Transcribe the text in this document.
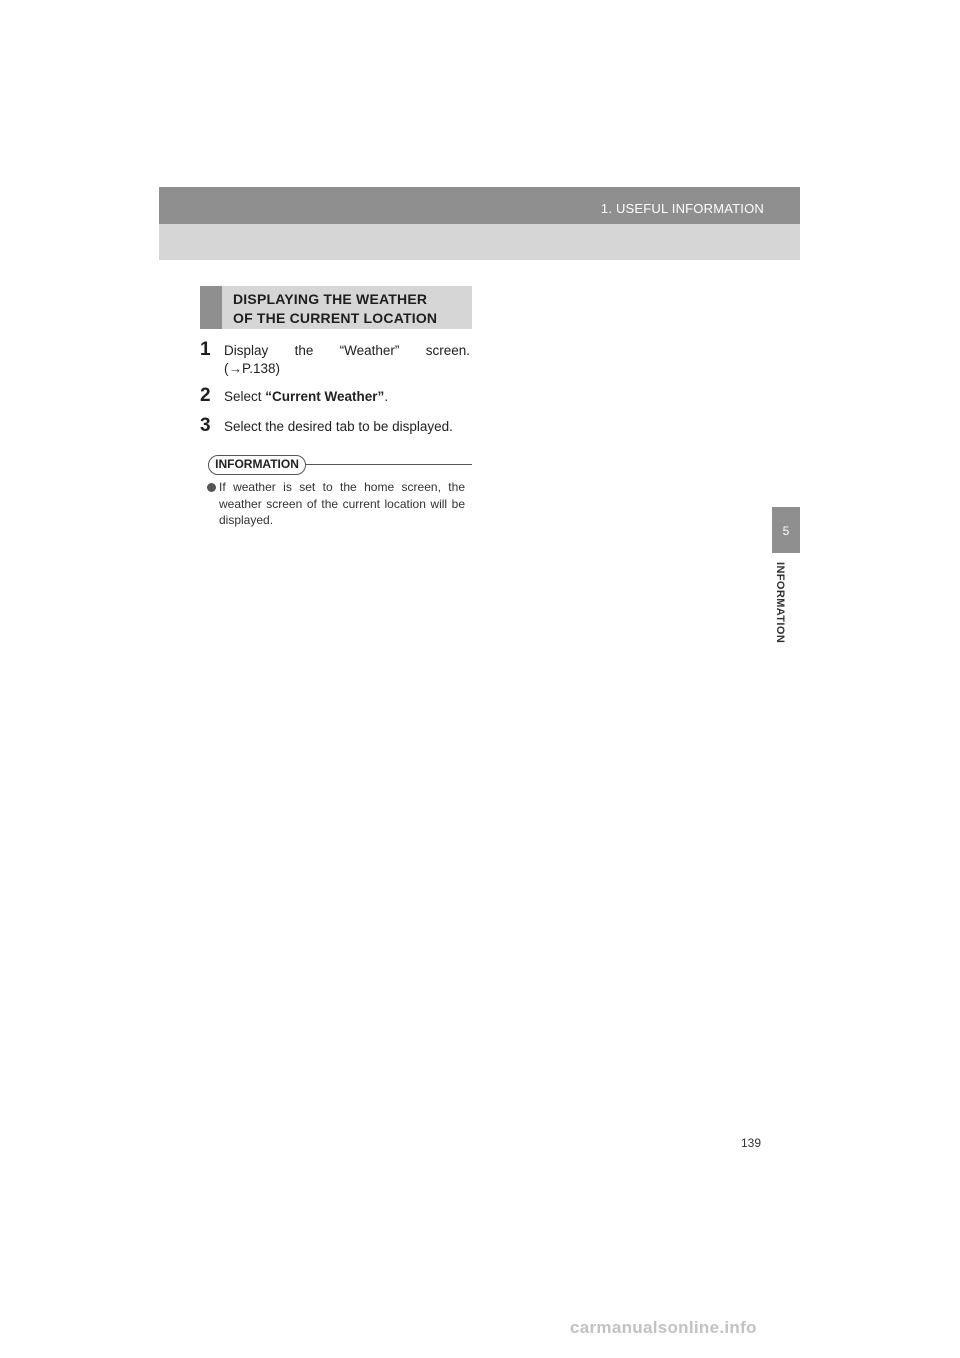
1. USEFUL INFORMATION
5
INFORMATION
DISPLAYING THE WEATHER
OF THE CURRENT LOCATION
1 Display the “Weather” screen.
(→P.138)
2 Select “Current Weather”.
3 Select the desired tab to be displayed.
INFORMATION
If weather is set to the home screen, the weather screen of the current location will be displayed.
139
carmanualsonline.info
